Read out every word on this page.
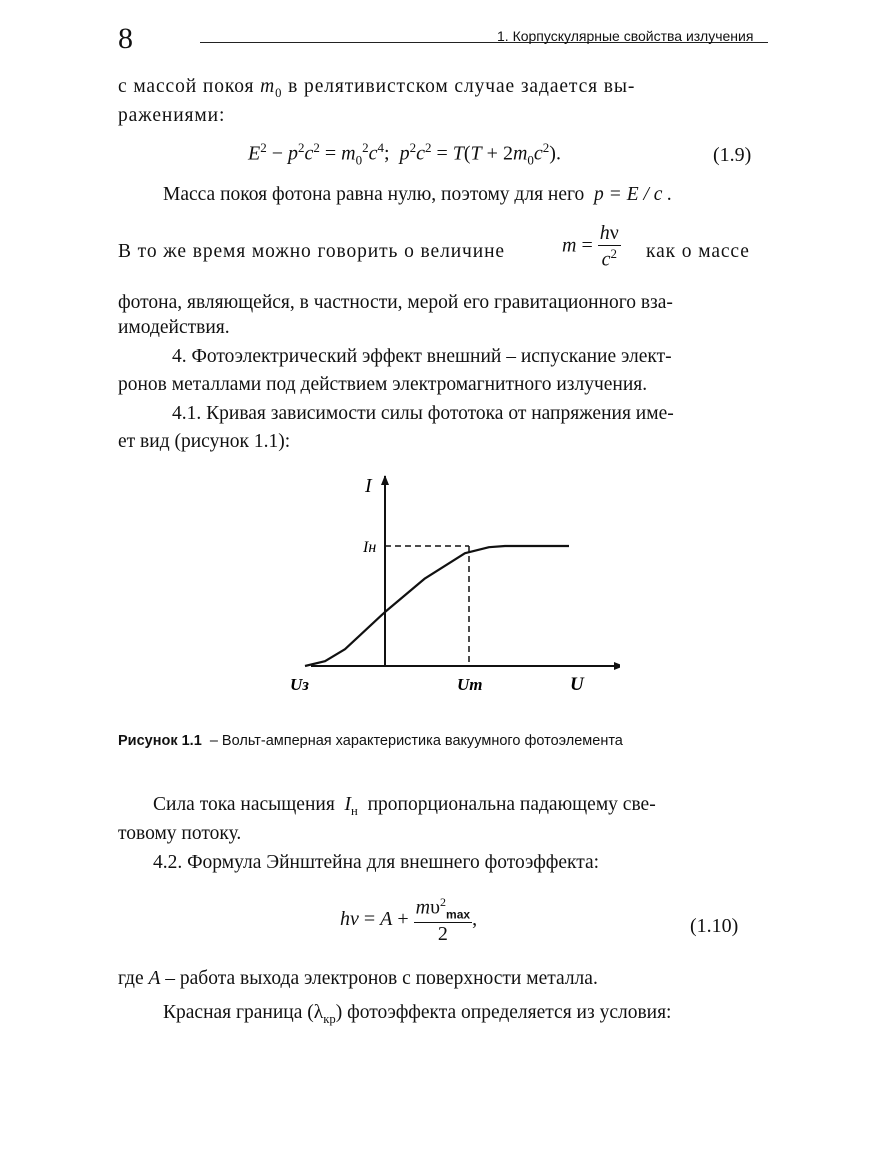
8	1. Корпускулярные свойства излучения
с массой покоя $m_0$ в релятивистском случае задается вы-
ражениями:
$E^2 - p^2c^2 = m_0^2c^4$;  $p^2c^2 = T(T + 2m_0c^2)$.	(1.9)
Масса покоя фотона равна нулю, поэтому для него p = E / c .
В то же время можно говорить о величине	$m = \frac{h\nu}{c^2}$ как о массе
фотона, являющейся, в частности, мерой его гравитационного вза-
имодействия.
4. Фотоэлектрический эффект внешний – испускание элект-
ронов металлами под действием электромагнитного излучения.
4.1. Кривая зависимости силы фототока от напряжения име-
ет вид (рисунок 1.1):
I
U
Uз	Um
Iн
Рисунок 1.1 – Вольт-амперная характеристика вакуумного фотоэлемента
Сила тока насыщения $I_н$ пропорциональна падающему све-
товому потоку.
4.2. Формула Эйнштейна для внешнего фотоэффекта:
hv = $A + \frac{m\upsilon^2_{max}}{2}$ ,	(1.10)
где A – работа выхода электронов с поверхности металла.
Красная граница $(\lambda_{кр})$ фотоэффекта определяется из условия:
